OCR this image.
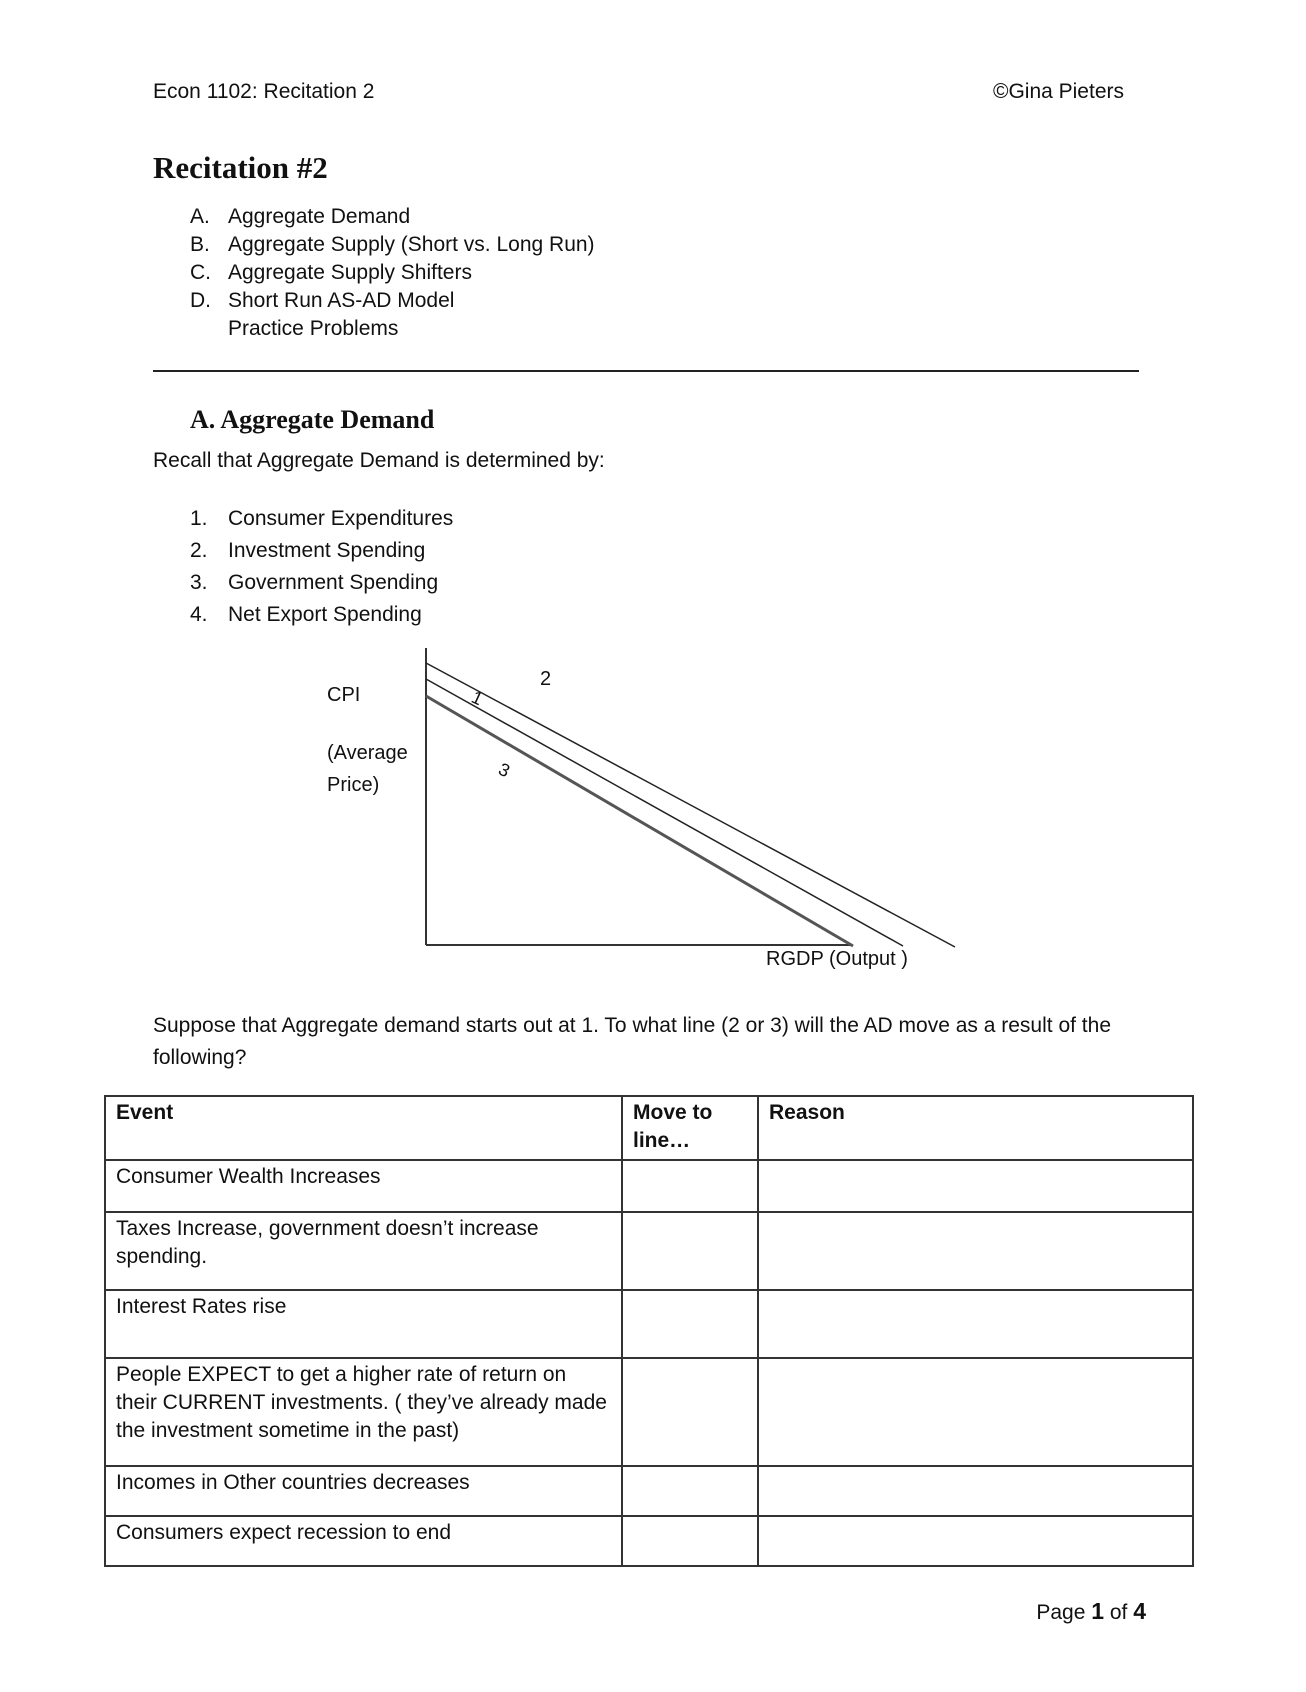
Econ 1102: Recitation 2	©Gina Pieters
Recitation #2
A. Aggregate Demand
B. Aggregate Supply (Short vs. Long Run)
C. Aggregate Supply Shifters
D. Short Run AS-AD Model
Practice Problems
A. Aggregate Demand
Recall that Aggregate Demand is determined by:
1. Consumer Expenditures
2. Investment Spending
3. Government Spending
4. Net Export Spending
CPI
(Average Price)
RGDP (Output )
2
1
3
Suppose that Aggregate demand starts out at 1. To what line (2 or 3) will the AD move as a result of the following?
Event	Move to line…	Reason
Consumer Wealth Increases		
Taxes Increase, government doesn’t increase spending.		
Interest Rates rise		
People EXPECT to get a higher rate of return on their CURRENT investments. ( they’ve already made the investment sometime in the past)		
Incomes in Other countries decreases		
Consumers expect recession to end		
Page 1 of 4
